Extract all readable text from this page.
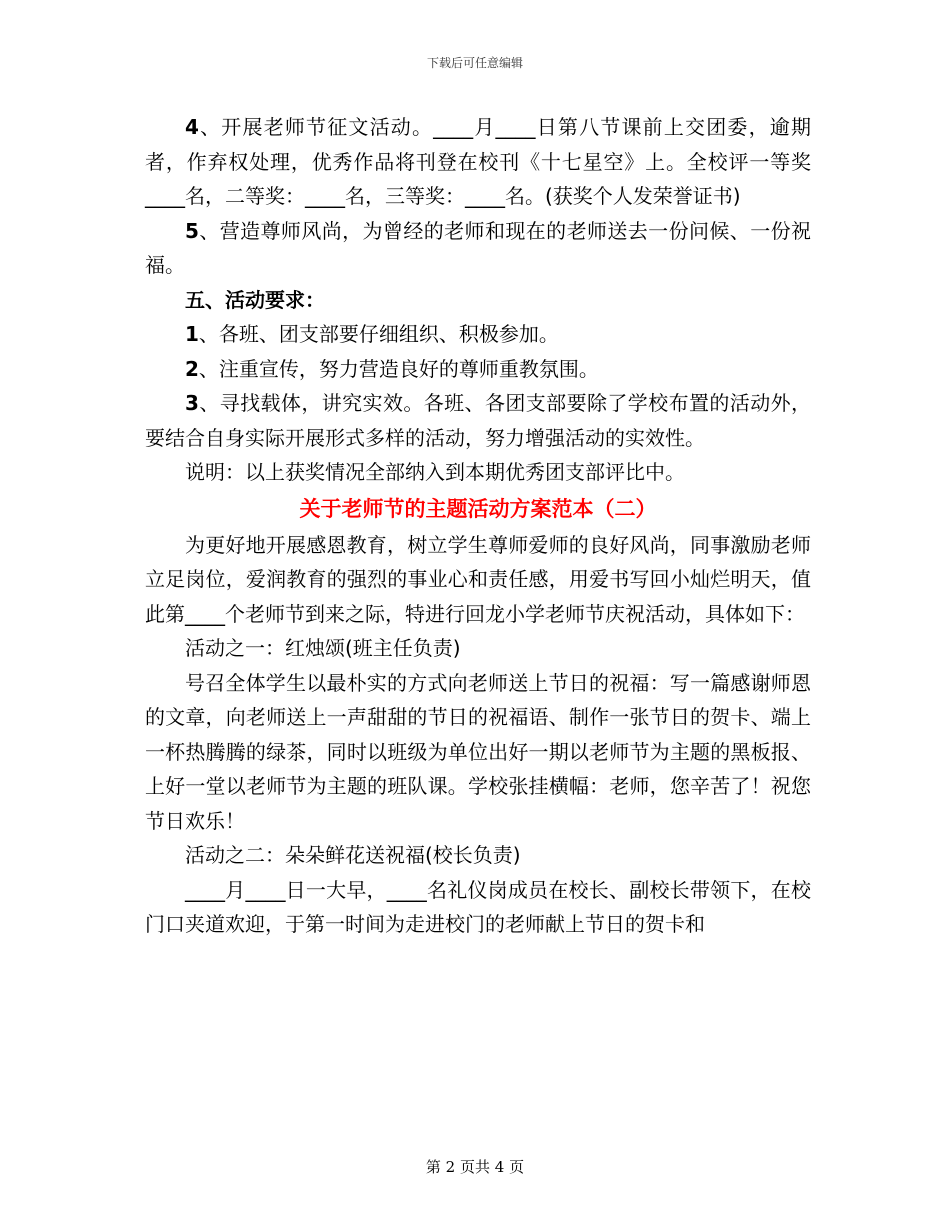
下载后可任意编辑

4、开展老师节征文活动。____月____日第八节课前上交团委，逾期者，作弃权处理，优秀作品将刊登在校刊《十七星空》上。全校评一等奖____名，二等奖：____名，三等奖：____名。(获奖个人发荣誉证书)

5、营造尊师风尚，为曾经的老师和现在的老师送去一份问候、一份祝福。

五、活动要求：

1、各班、团支部要仔细组织、积极参加。

2、注重宣传，努力营造良好的尊师重教氛围。

3、寻找载体，讲究实效。各班、各团支部要除了学校布置的活动外，要结合自身实际开展形式多样的活动，努力增强活动的实效性。

说明：以上获奖情况全部纳入到本期优秀团支部评比中。

关于老师节的主题活动方案范本（二）

为更好地开展感恩教育，树立学生尊师爱师的良好风尚，同事激励老师立足岗位，爱润教育的强烈的事业心和责任感，用爱书写回小灿烂明天，值此第____个老师节到来之际，特进行回龙小学老师节庆祝活动，具体如下：

活动之一：红烛颂(班主任负责)

号召全体学生以最朴实的方式向老师送上节日的祝福：写一篇感谢师恩的文章，向老师送上一声甜甜的节日的祝福语、制作一张节日的贺卡、端上一杯热腾腾的绿茶，同时以班级为单位出好一期以老师节为主题的黑板报、上好一堂以老师节为主题的班队课。学校张挂横幅：老师，您辛苦了！祝您节日欢乐！

活动之二：朵朵鲜花送祝福(校长负责)

____月____日一大早，____名礼仪岗成员在校长、副校长带领下，在校门口夹道欢迎，于第一时间为走进校门的老师献上节日的贺卡和

第 2 页共 4 页
